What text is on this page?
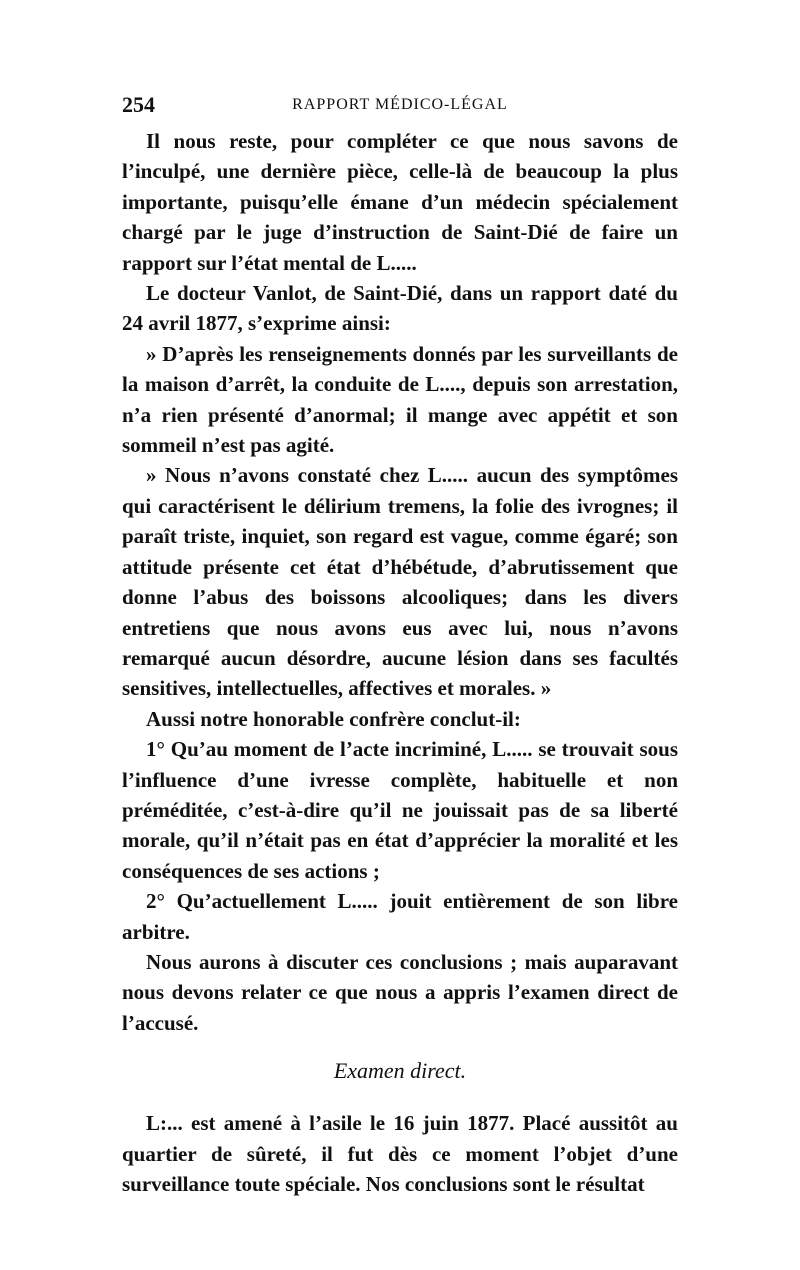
254	RAPPORT MÉDICO-LÉGAL

Il nous reste, pour compléter ce que nous savons de l’inculpé, une dernière pièce, celle-là de beaucoup la plus importante, puisqu’elle émane d’un médecin spécialement chargé par le juge d’instruction de Saint-Dié de faire un rapport sur l’état mental de L.....

Le docteur Vanlot, de Saint-Dié, dans un rapport daté du 24 avril 1877, s’exprime ainsi:

» D’après les renseignements donnés par les surveillants de la maison d’arrêt, la conduite de L...., depuis son arrestation, n’a rien présenté d’anormal; il mange avec appétit et son sommeil n’est pas agité.

» Nous n’avons constaté chez L..... aucun des symptômes qui caractérisent le délirium tremens, la folie des ivrognes; il paraît triste, inquiet, son regard est vague, comme égaré; son attitude présente cet état d’hébétude, d’abrutissement que donne l’abus des boissons alcooliques; dans les divers entretiens que nous avons eus avec lui, nous n’avons remarqué aucun désordre, aucune lésion dans ses facultés sensitives, intellectuelles, affectives et morales. »

Aussi notre honorable confrère conclut-il:

1° Qu’au moment de l’acte incriminé, L..... se trouvait sous l’influence d’une ivresse complète, habituelle et non préméditée, c’est-à-dire qu’il ne jouissait pas de sa liberté morale, qu’il n’était pas en état d’apprécier la moralité et les conséquences de ses actions ;

2° Qu’actuellement L..... jouit entièrement de son libre arbitre.

Nous aurons à discuter ces conclusions ; mais auparavant nous devons relater ce que nous a appris l’examen direct de l’accusé.

Examen direct.

L:... est amené à l’asile le 16 juin 1877. Placé aussitôt au quartier de sûreté, il fut dès ce moment l’objet d’une surveillance toute spéciale. Nos conclusions sont le résultat
